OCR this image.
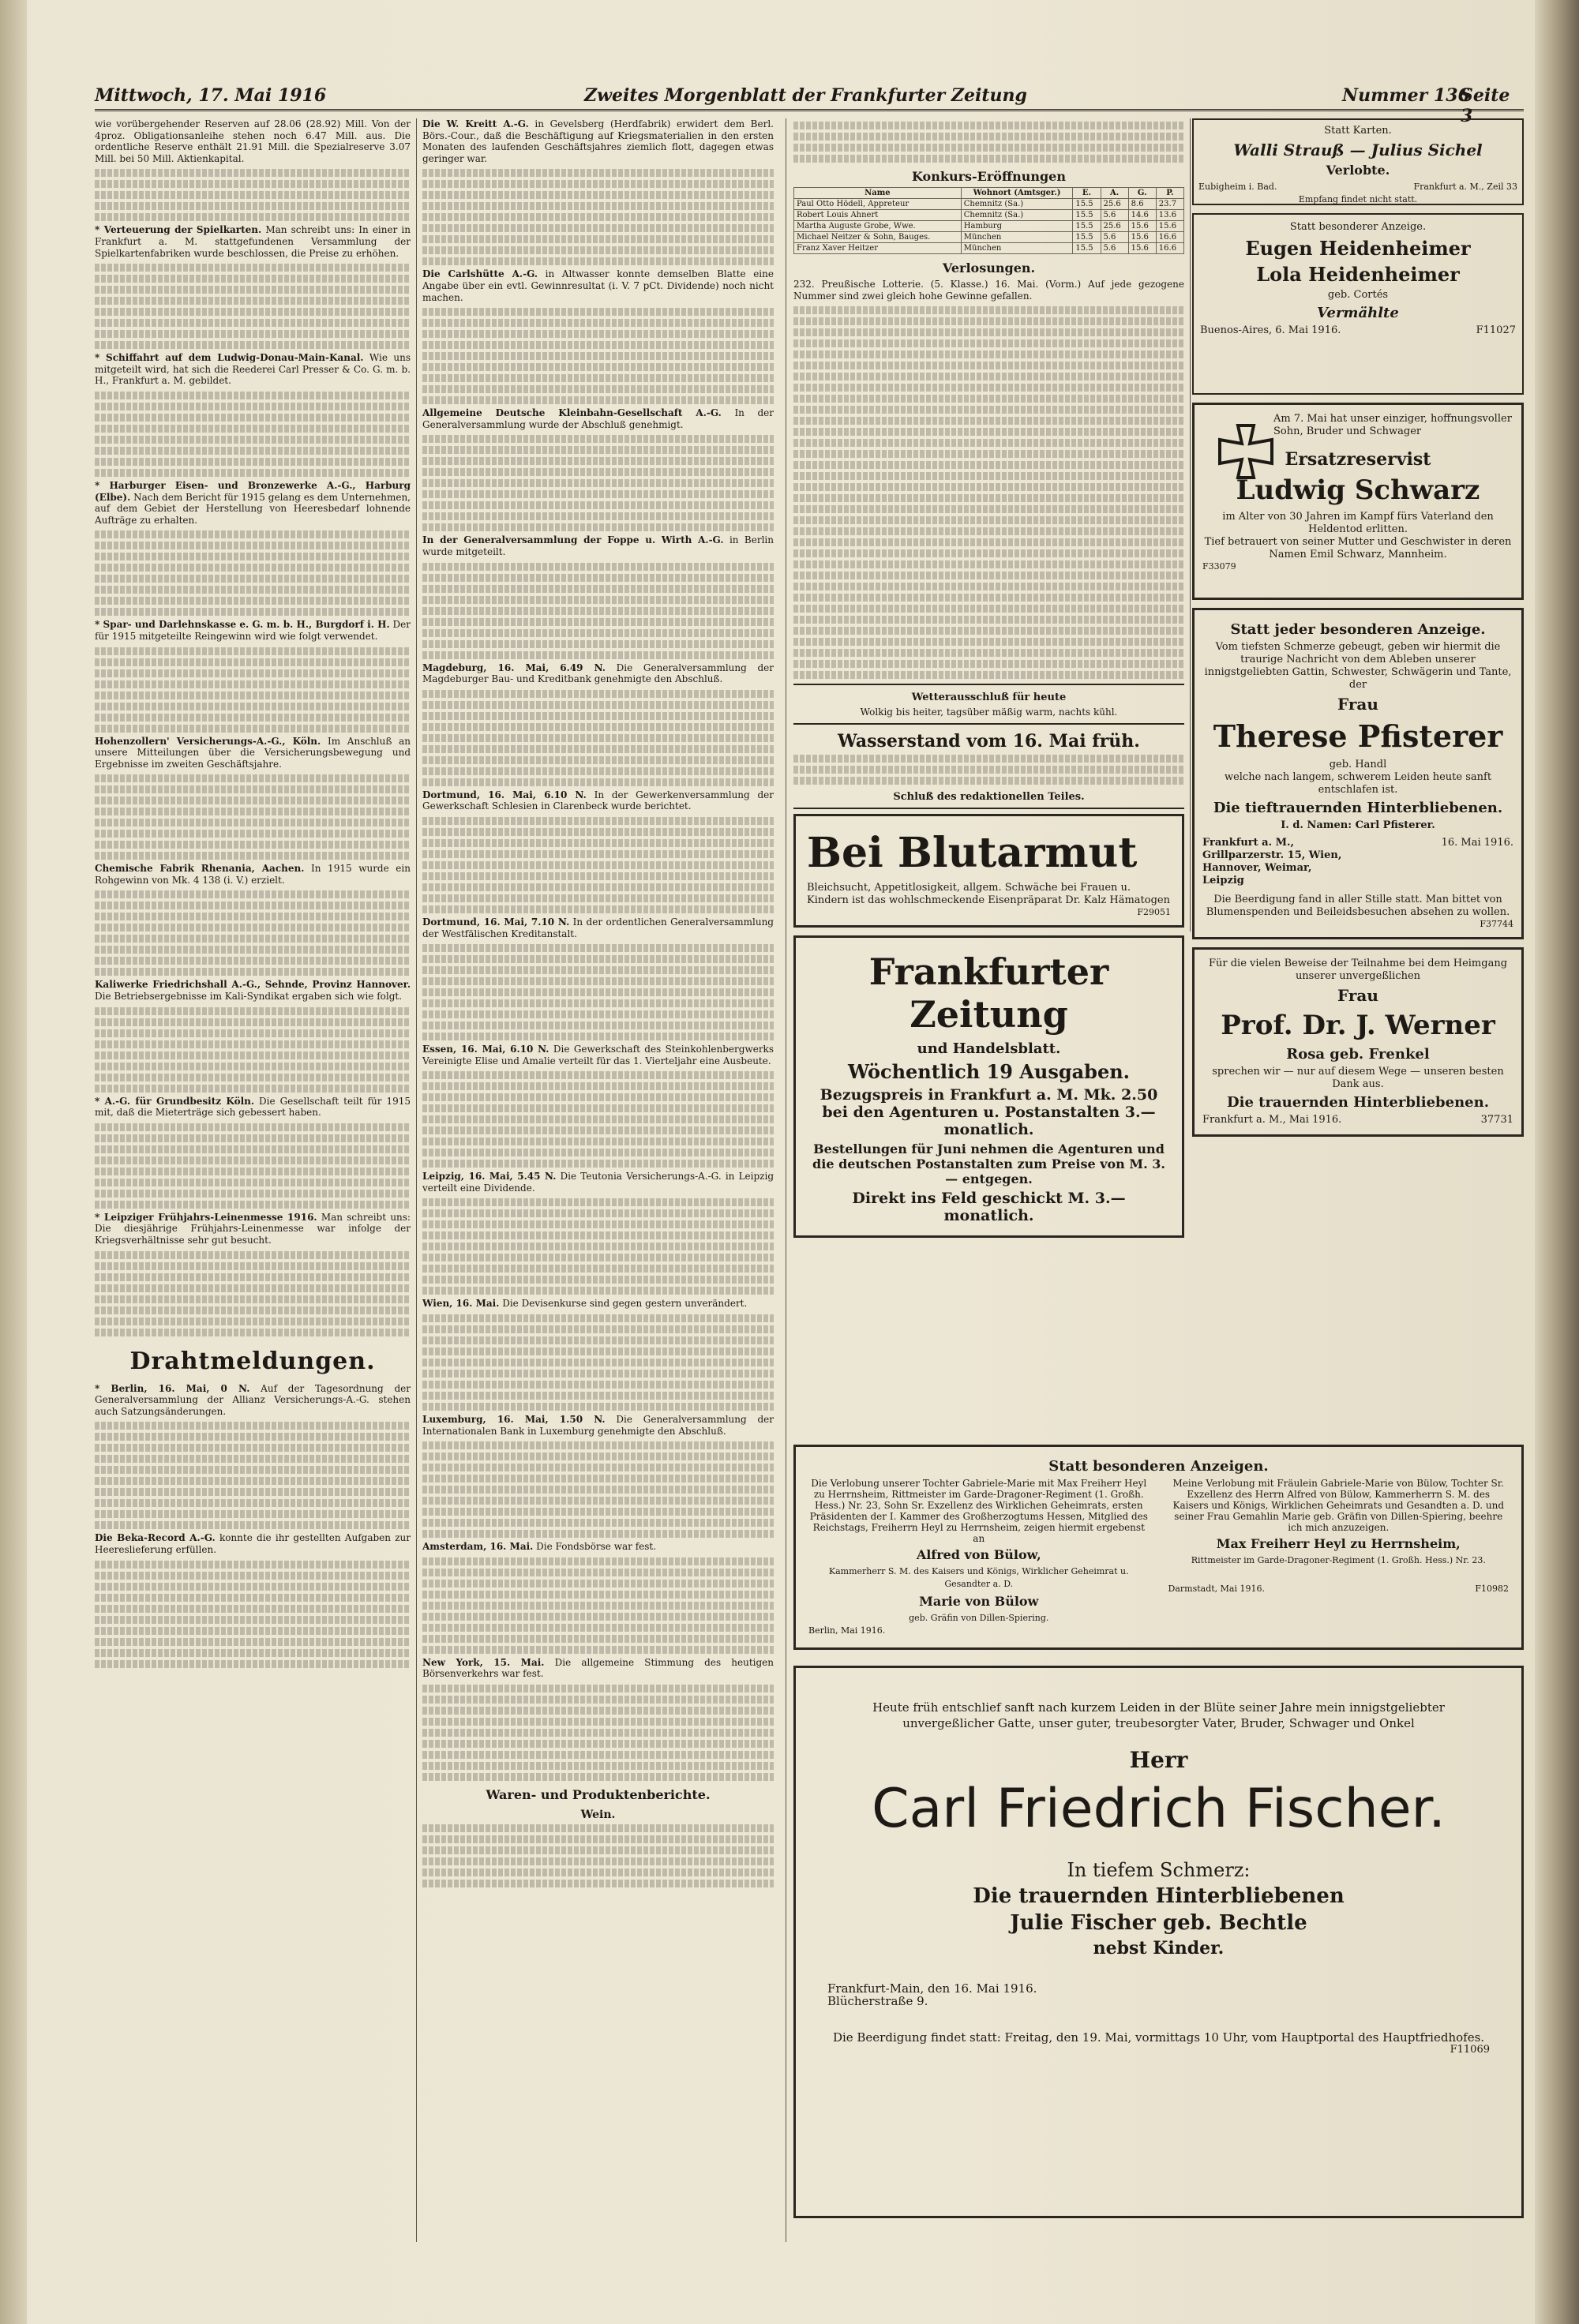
Mittwoch, 17. Mai 1916	Zweites Morgenblatt der Frankfurter Zeitung	Nummer 136
Seite 3

wie vorübergehender Reserven auf 28.06 (28.92) Mill. Von der 4proz. Obligationsanleihe stehen noch 6.47 Mill. aus. Die ordentliche Reserve enthält 21.91 Mill. die Spezialreserve 3.07 Mill. bei 50 Mill. Aktienkapital.

* Verteuerung der Spielkarten. Man schreibt uns: In einer in Frankfurt a. M. stattgefundenen Versammlung der Spielkartenfabriken wurde beschlossen, die Preise zu erhöhen.

* Schiffahrt auf dem Ludwig-Donau-Main-Kanal. Wie uns mitgeteilt wird, hat sich die Reederei Carl Presser & Co. G. m. b. H., Frankfurt a. M. gebildet.

* Harburger Eisen- und Bronzewerke A.-G., Harburg (Elbe). Nach dem Bericht für 1915 gelang es dem Unternehmen, auf dem Gebiet der Herstellung von Heeresbedarf lohnende Aufträge zu erhalten.

* Spar- und Darlehnskasse e. G. m. b. H., Burgdorf i. H. Der für 1915 mitgeteilte Reingewinn wird wie folgt verwendet.

Hohenzollern' Versicherungs-A.-G., Köln. Im Anschluß an unsere Mitteilungen über die Versicherungsbewegung und Ergebnisse im zweiten Geschäftsjahre.

Chemische Fabrik Rhenania, Aachen. In 1915 wurde ein Rohgewinn von Mk. 4 138 (i. V.) erzielt.

Kaliwerke Friedrichshall A.-G., Sehnde, Provinz Hannover. Die Betriebsergebnisse im Kali-Syndikat ergaben sich wie folgt.

* A.-G. für Grundbesitz Köln. Die Gesellschaft teilt für 1915 mit, daß die Mieterträge sich gebessert haben.

* Leipziger Frühjahrs-Leinenmesse 1916. Man schreibt uns: Die diesjährige Frühjahrs-Leinenmesse war infolge der Kriegsverhältnisse sehr gut besucht.

Drahtmeldungen.

* Berlin, 16. Mai, 0 N. Auf der Tagesordnung der Generalversammlung der Allianz Versicherungs-A.-G. stehen auch Satzungsänderungen.

Die Beka-Record A.-G. konnte die ihr gestellten Aufgaben zur Heereslieferung erfüllen.

Die W. Kreitt A.-G. in Gevelsberg (Herdfabrik) erwidert dem Berl. Börs.-Cour., daß die Beschäftigung auf Kriegsmaterialien in den ersten Monaten des laufenden Geschäftsjahres ziemlich flott, dagegen etwas geringer war.

Die Carlshütte A.-G. in Altwasser konnte demselben Blatte eine Angabe über ein evtl. Gewinnresultat (i. V. 7 pCt. Dividende) noch nicht machen.

Allgemeine Deutsche Kleinbahn-Gesellschaft A.-G. In der Generalversammlung wurde der Abschluß genehmigt.

In der Generalversammlung der Foppe u. Wirth A.-G. in Berlin wurde mitgeteilt.

Magdeburg, 16. Mai, 6.49 N. Die Generalversammlung der Magdeburger Bau- und Kreditbank genehmigte den Abschluß.

Dortmund, 16. Mai, 6.10 N. In der Gewerkenversammlung der Gewerkschaft Schlesien in Clarenbeck wurde berichtet.

Dortmund, 16. Mai, 7.10 N. In der ordentlichen Generalversammlung der Westfälischen Kreditanstalt.

Essen, 16. Mai, 6.10 N. Die Gewerkschaft des Steinkohlenbergwerks Vereinigte Elise und Amalie verteilt für das 1. Vierteljahr eine Ausbeute.

Leipzig, 16. Mai, 5.45 N. Die Teutonia Versicherungs-A.-G. in Leipzig verteilt eine Dividende.

Wien, 16. Mai. Die Devisenkurse sind gegen gestern unverändert.

Luxemburg, 16. Mai, 1.50 N. Die Generalversammlung der Internationalen Bank in Luxemburg genehmigte den Abschluß.

Amsterdam, 16. Mai. Die Fondsbörse war fest.

New York, 15. Mai. Die allgemeine Stimmung des heutigen Börsenverkehrs war fest.

Waren- und Produktenberichte.
Wein.
Konkurs-Eröffnungen
Name	Wohnort (Amtsger.)	E.	A.	G.	P.
Paul Otto Hödell, Appreteur	Chemnitz (Sa.)	15.5	25.6	8.6	23.7
Robert Louis Ahnert	Chemnitz (Sa.)	15.5	5.6	14.6	13.6
Martha Auguste Grobe, Wwe.	Hamburg	15.5	25.6	15.6	15.6
Michael Neitzer & Sohn, Bauges.	München	15.5	5.6	15.6	16.6
Franz Xaver Heitzer	München	15.5	5.6	15.6	16.6
Verlosungen.

232. Preußische Lotterie. (5. Klasse.) 16. Mai. (Vorm.) Auf jede gezogene Nummer sind zwei gleich hohe Gewinne gefallen.

Wetterausschluß für heute

Wolkig bis heiter, tagsüber mäßig warm, nachts kühl.

Wasserstand vom 16. Mai früh.
Schluß des redaktionellen Teiles.
Bei Blutarmut
Bleichsucht, Appetitlosigkeit, allgem. Schwäche bei Frauen u. Kindern ist das wohlschmeckende Eisenpräparat Dr. Kalz Hämatogen
F29051
Frankfurter Zeitung
und Handelsblatt.
Wöchentlich 19 Ausgaben.
Bezugspreis in Frankfurt a. M. Mk. 2.50 bei den Agenturen u. Postanstalten 3.— monatlich.
Bestellungen für Juni nehmen die Agenturen und die deutschen Postanstalten zum Preise von M. 3.— entgegen.
Direkt ins Feld geschickt M. 3.— monatlich.
Statt Karten.
Walli Strauß — Julius Sichel
Verlobte.
Eubigheim i. Bad.	Frankfurt a. M., Zeil 33
Empfang findet nicht statt.
Statt besonderer Anzeige.
Eugen Heidenheimer
Lola Heidenheimer
geb. Cortés
Vermählte
Buenos-Aires, 6. Mai 1916.	F11027
Am 7. Mai hat unser einziger, hoffnungsvoller Sohn, Bruder und Schwager
Ersatzreservist
Ludwig Schwarz
im Alter von 30 Jahren im Kampf fürs Vaterland den Heldentod erlitten.
Tief betrauert von seiner Mutter und Geschwister in deren Namen Emil Schwarz, Mannheim.
F33079
Statt jeder besonderen Anzeige.
Vom tiefsten Schmerze gebeugt, geben wir hiermit die traurige Nachricht von dem Ableben unserer innigstgeliebten Gattin, Schwester, Schwägerin und Tante, der
Frau
Therese Pfisterer
geb. Handl
welche nach langem, schwerem Leiden heute sanft entschlafen ist.
Die tieftrauernden Hinterbliebenen.
I. d. Namen: Carl Pfisterer.
Frankfurt a. M., Grillparzerstr. 15, Wien, Hannover, Weimar, Leipzig
16. Mai 1916.
Die Beerdigung fand in aller Stille statt. Man bittet von Blumenspenden und Beileidsbesuchen absehen zu wollen.
F37744
Für die vielen Beweise der Teilnahme bei dem Heimgang unserer unvergeßlichen
Frau
Prof. Dr. J. Werner
Rosa geb. Frenkel
sprechen wir — nur auf diesem Wege — unseren besten Dank aus.
Die trauernden Hinterbliebenen.
Frankfurt a. M., Mai 1916.	37731
Statt besonderen Anzeigen.
Die Verlobung unserer Tochter Gabriele-Marie mit Max Freiherr Heyl zu Herrnsheim, Rittmeister im Garde-Dragoner-Regiment (1. Großh. Hess.) Nr. 23, Sohn Sr. Exzellenz des Wirklichen Geheimrats, ersten Präsidenten der I. Kammer des Großherzogtums Hessen, Mitglied des Reichstags, Freiherrn Heyl zu Herrnsheim, zeigen hiermit ergebenst an
Alfred von Bülow,
Kammerherr S. M. des Kaisers und Königs, Wirklicher Geheimrat u. Gesandter a. D.
Marie von Bülow
geb. Gräfin von Dillen-Spiering.
Berlin, Mai 1916.
Meine Verlobung mit Fräulein Gabriele-Marie von Bülow, Tochter Sr. Exzellenz des Herrn Alfred von Bülow, Kammerherrn S. M. des Kaisers und Königs, Wirklichen Geheimrats und Gesandten a. D. und seiner Frau Gemahlin Marie geb. Gräfin von Dillen-Spiering, beehre ich mich anzuzeigen.
Max Freiherr Heyl zu Herrnsheim,
Rittmeister im Garde-Dragoner-Regiment (1. Großh. Hess.) Nr. 23.
Darmstadt, Mai 1916.	F10982
Heute früh entschlief sanft nach kurzem Leiden in der Blüte seiner Jahre mein innigstgeliebter unvergeßlicher Gatte, unser guter, treubesorgter Vater, Bruder, Schwager und Onkel
Herr
Carl Friedrich Fischer.
In tiefem Schmerz:
Die trauernden Hinterbliebenen
Julie Fischer geb. Bechtle
nebst Kinder.
Frankfurt-Main, den 16. Mai 1916.
Blücherstraße 9.
Die Beerdigung findet statt: Freitag, den 19. Mai, vormittags 10 Uhr, vom Hauptportal des Hauptfriedhofes.
F11069
